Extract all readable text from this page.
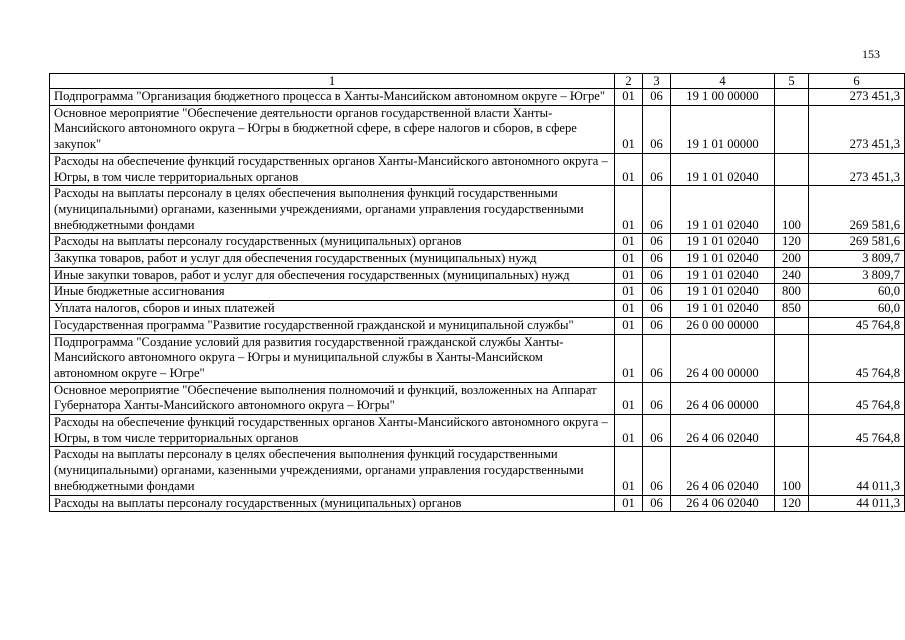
153
1	2	3	4	5	6
Подпрограмма "Организация бюджетного процесса в Ханты-Мансийском автономном округе – Югре"	01	06	19 1 00 00000		273 451,3
Основное мероприятие "Обеспечение деятельности органов государственной власти Ханты-Мансийского автономного округа – Югры в бюджетной сфере, в сфере налогов и сборов, в сфере закупок"	01	06	19 1 01 00000		273 451,3
Расходы на обеспечение функций государственных органов Ханты-Мансийского автономного округа – Югры, в том числе территориальных органов	01	06	19 1 01 02040		273 451,3
Расходы на выплаты персоналу в целях обеспечения выполнения функций государственными (муниципальными) органами, казенными учреждениями, органами управления государственными внебюджетными фондами	01	06	19 1 01 02040	100	269 581,6
Расходы на выплаты персоналу государственных (муниципальных) органов	01	06	19 1 01 02040	120	269 581,6
Закупка товаров, работ и услуг для обеспечения государственных (муниципальных) нужд	01	06	19 1 01 02040	200	3 809,7
Иные закупки товаров, работ и услуг для обеспечения государственных (муниципальных) нужд	01	06	19 1 01 02040	240	3 809,7
Иные бюджетные ассигнования	01	06	19 1 01 02040	800	60,0
Уплата налогов, сборов и иных платежей	01	06	19 1 01 02040	850	60,0
Государственная программа "Развитие государственной гражданской и муниципальной службы"	01	06	26 0 00 00000		45 764,8
Подпрограмма "Создание условий для развития государственной гражданской службы Ханты-Мансийского автономного округа – Югры и муниципальной службы в Ханты-Мансийском автономном округе – Югре"	01	06	26 4 00 00000		45 764,8
Основное мероприятие "Обеспечение выполнения полномочий и функций, возложенных на Аппарат Губернатора Ханты-Мансийского автономного округа – Югры"	01	06	26 4 06 00000		45 764,8
Расходы на обеспечение функций государственных органов Ханты-Мансийского автономного округа – Югры, в том числе территориальных органов	01	06	26 4 06 02040		45 764,8
Расходы на выплаты персоналу в целях обеспечения выполнения функций государственными (муниципальными) органами, казенными учреждениями, органами управления государственными внебюджетными фондами	01	06	26 4 06 02040	100	44 011,3
Расходы на выплаты персоналу государственных (муниципальных) органов	01	06	26 4 06 02040	120	44 011,3
